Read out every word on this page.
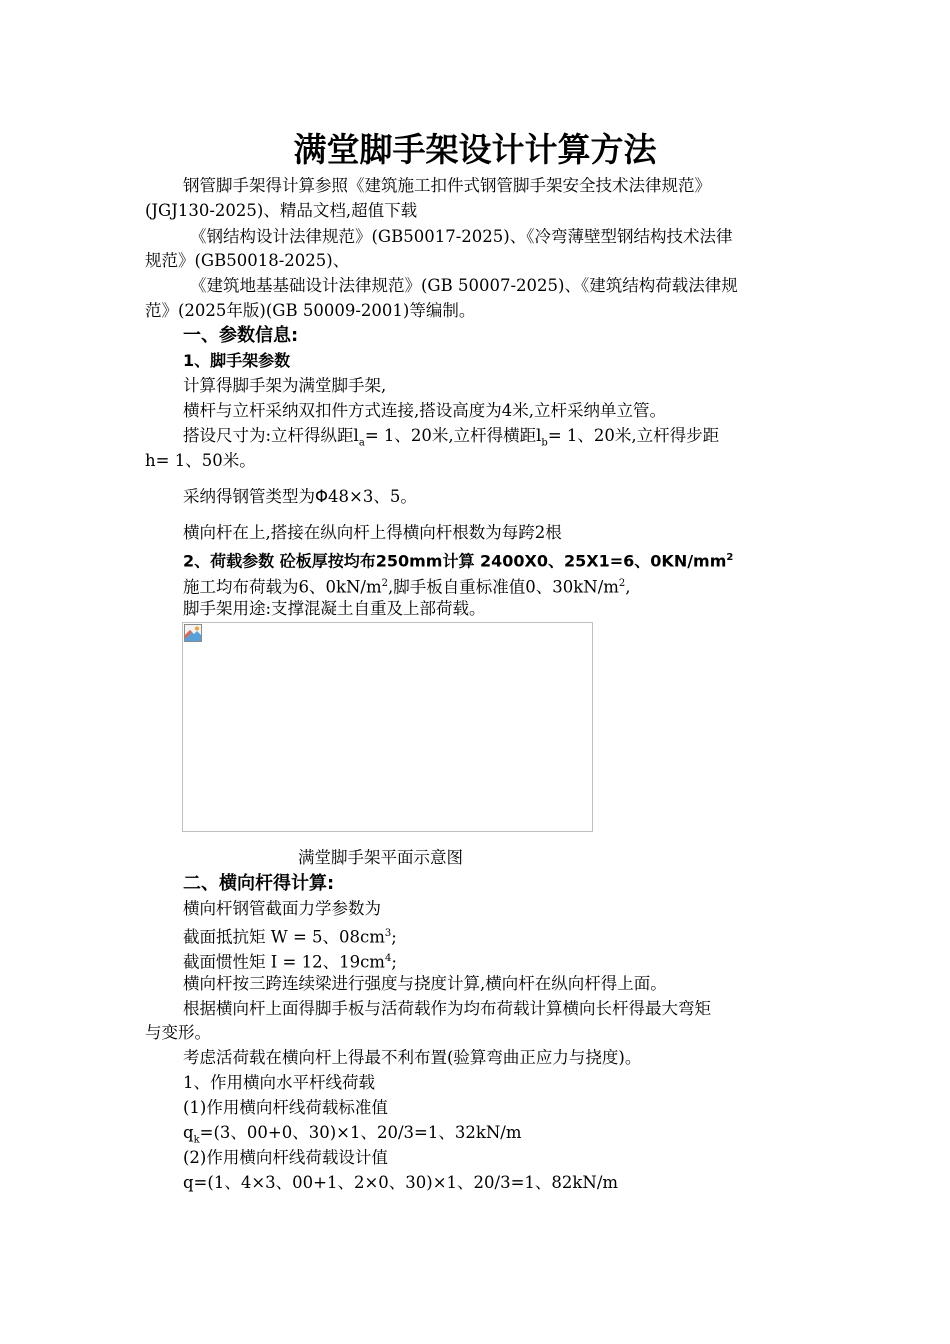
满堂脚手架设计计算方法
钢管脚手架得计算参照《建筑施工扣件式钢管脚手架安全技术法律规范》
(JGJ130-2025)、精品文档,超值下载
《钢结构设计法律规范》(GB50017-2025)、《冷弯薄壁型钢结构技术法律
规范》(GB50018-2025)、
《建筑地基基础设计法律规范》(GB 50007-2025)、《建筑结构荷载法律规
范》(2025年版)(GB 50009-2001)等编制。
一、参数信息:
1、脚手架参数
计算得脚手架为满堂脚手架,
横杆与立杆采纳双扣件方式连接,搭设高度为4米,立杆采纳单立管。
搭设尺寸为:立杆得纵距$l_a= 1$、20米,立杆得横距$l_b= 1$、20米,立杆得步距
h= 1、50米。
采纳得钢管类型为Φ48×3、5。
横向杆在上,搭接在纵向杆上得横向杆根数为每跨2根
2、荷载参数 砼板厚按均布250mm计算 2400X0、25X1=6、$0KN/mm^2$
施工均布荷载为6、$0kN/m^2$,脚手板自重标准值0、$30kN/m^2$,
脚手架用途:支撑混凝土自重及上部荷载。
满堂脚手架平面示意图
二、横向杆得计算:
横向杆钢管截面力学参数为
截面抵抗矩 W = 5、$08cm^3$;
截面惯性矩 I = 12、$19cm^4$;
横向杆按三跨连续梁进行强度与挠度计算,横向杆在纵向杆得上面。
根据横向杆上面得脚手板与活荷载作为均布荷载计算横向长杆得最大弯矩
与变形。
考虑活荷载在横向杆上得最不利布置(验算弯曲正应力与挠度)。
1、作用横向水平杆线荷载
(1)作用横向杆线荷载标准值
$q_k=(3$、00+0、30)×1、20/3=1、32kN/m
(2)作用横向杆线荷载设计值
q=(1、4×3、00+1、2×0、30)×1、20/3=1、82kN/m
